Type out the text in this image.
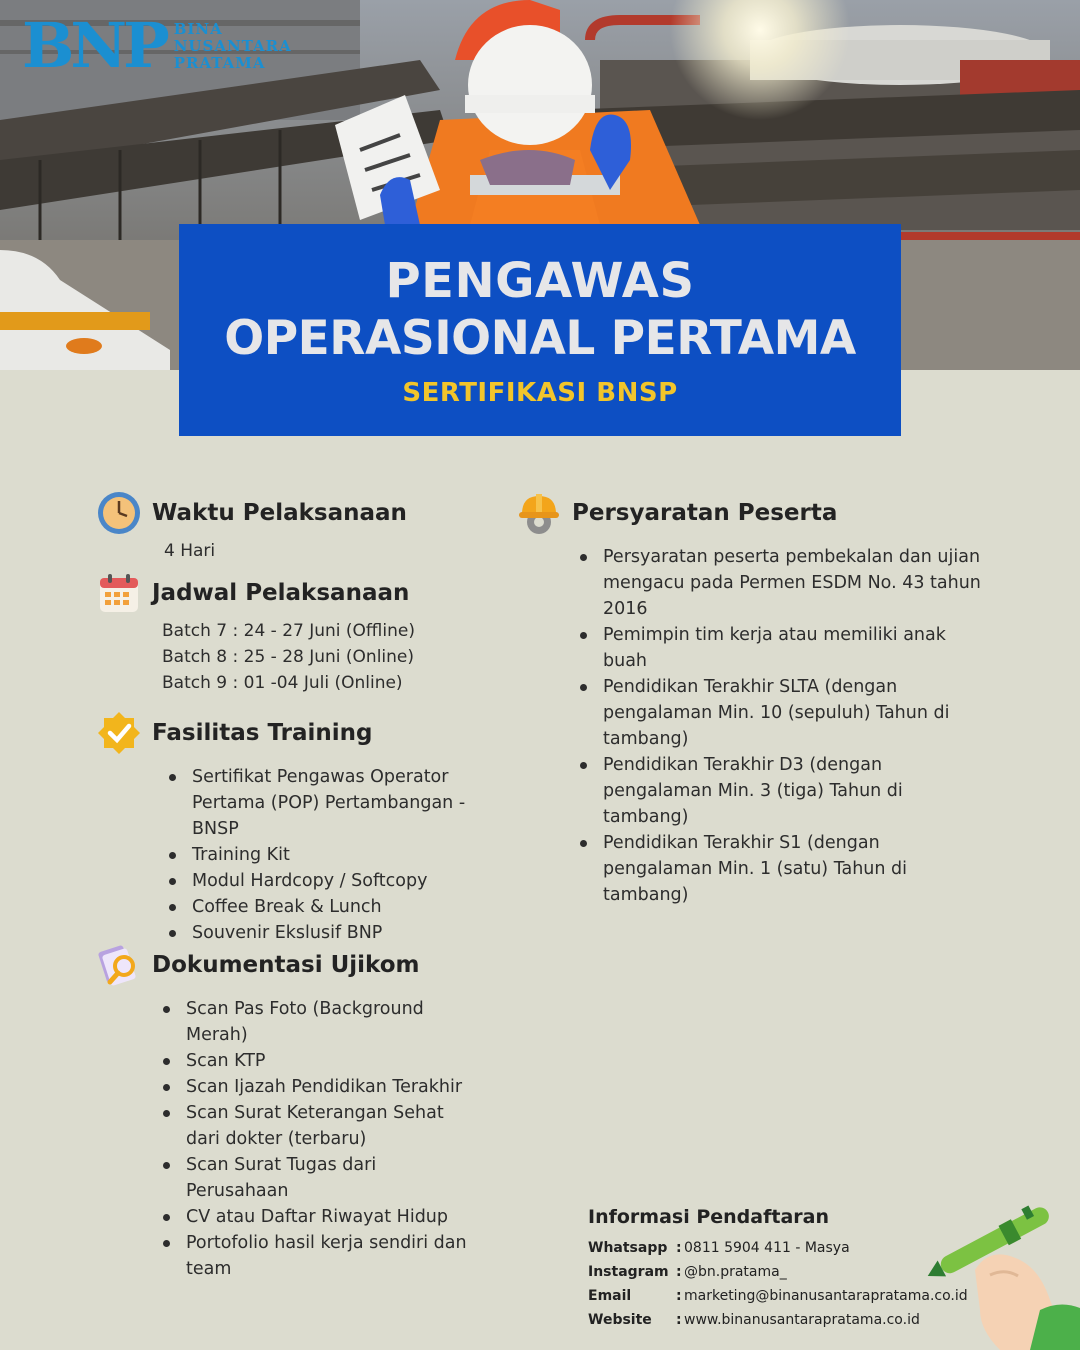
BNP BINA
NUSANTARA
PRATAMA
PENGAWAS
OPERASIONAL PERTAMA
SERTIFIKASI BNSP
Waktu Pelaksanaan
4 Hari
Jadwal Pelaksanaan
Batch 7 : 24 - 27 Juni (Offline)
Batch 8 : 25 - 28 Juni (Online)
Batch 9 : 01 -04 Juli (Online)
Fasilitas Training
Sertifikat Pengawas Operator Pertama (POP) Pertambangan - BNSP
Training Kit
Modul Hardcopy / Softcopy
Coffee Break & Lunch
Souvenir Ekslusif BNP
Dokumentasi Ujikom
Scan Pas Foto (Background Merah)
Scan KTP
Scan Ijazah Pendidikan Terakhir
Scan Surat Keterangan Sehat dari dokter (terbaru)
Scan Surat Tugas dari Perusahaan
CV atau Daftar Riwayat Hidup
Portofolio hasil kerja sendiri dan team
Persyaratan Peserta
Persyaratan peserta pembekalan dan ujian mengacu pada Permen ESDM No. 43 tahun 2016
Pemimpin tim kerja atau memiliki anak buah
Pendidikan Terakhir SLTA (dengan pengalaman Min. 10 (sepuluh) Tahun di tambang)
Pendidikan Terakhir D3 (dengan pengalaman Min. 3 (tiga) Tahun di tambang)
Pendidikan Terakhir S1 (dengan pengalaman Min. 1 (satu) Tahun di tambang)
Informasi Pendaftaran
Whatsapp : 0811 5904 411 - Masya
Instagram : @bn.pratama_
Email	: marketing@binanusantarapratama.co.id
Website	: www.binanusantarapratama.co.id
